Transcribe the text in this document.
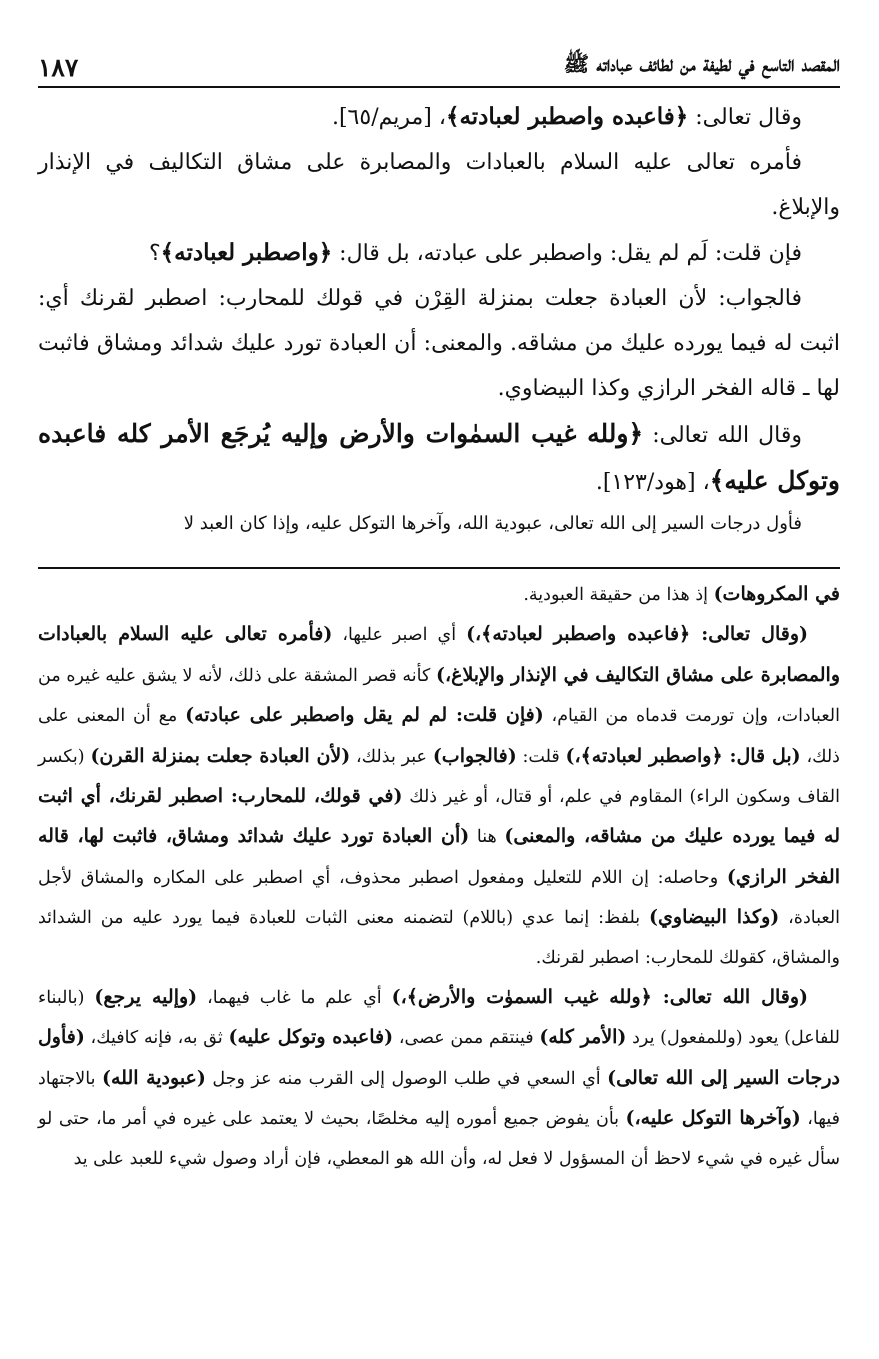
المقصد التاسع في لطيفة من لطائف عباداته ﷺ
١٨٧

وقال تعالى: ﴿فاعبده واصطبر لعبادته﴾، [مريم/٦٥].

فأمره تعالى عليه السلام بالعبادات والمصابرة على مشاق التكاليف في الإنذار والإبلاغ.

فإن قلت: لَم لم يقل: واصطبر على عبادته، بل قال: ﴿واصطبر لعبادته﴾؟

فالجواب: لأن العبادة جعلت بمنزلة القِرْن في قولك للمحارب: اصطبر لقرنك أي: اثبت له فيما يورده عليك من مشاقه. والمعنى: أن العبادة تورد عليك شدائد ومشاق فاثبت لها ـ قاله الفخر الرازي وكذا البيضاوي.

وقال الله تعالى: ﴿ولله غيب السمٰوات والأرض وإليه يُرجَع الأمر كله فاعبده وتوكل عليه﴾، [هود/١٢٣].

فأول درجات السير إلى الله تعالى، عبودية الله، وآخرها التوكل عليه، وإذا كان العبد لا

في المكروهات) إذ هذا من حقيقة العبودية.

(وقال تعالى: ﴿فاعبده واصطبر لعبادته﴾،) أي اصبر عليها، (فأمره تعالى عليه السلام بالعبادات والمصابرة على مشاق التكاليف في الإنذار والإبلاغ،) كأنه قصر المشقة على ذلك، لأنه لا يشق عليه غيره من العبادات، وإن تورمت قدماه من القيام، (فإن قلت: لم لم يقل واصطبر على عبادته) مع أن المعنى على ذلك، (بل قال: ﴿واصطبر لعبادته﴾،) قلت: (فالجواب) عبر بذلك، (لأن العبادة جعلت بمنزلة القرن) (بكسر القاف وسكون الراء) المقاوم في علم، أو قتال، أو غير ذلك (في قولك، للمحارب: اصطبر لقرنك، أي اثبت له فيما يورده عليك من مشاقه، والمعنى) هنا (أن العبادة تورد عليك شدائد ومشاق، فاثبت لها، قاله الفخر الرازي) وحاصله: إن اللام للتعليل ومفعول اصطبر محذوف، أي اصطبر على المكاره والمشاق لأجل العبادة، (وكذا البيضاوي) بلفظ: إنما عدي (باللام) لتضمنه معنى الثبات للعبادة فيما يورد عليه من الشدائد والمشاق، كقولك للمحارب: اصطبر لقرنك.

(وقال الله تعالى: ﴿ولله غيب السموٰت والأرض﴾،) أي علم ما غاب فيهما، (وإليه يرجع) (بالبناء للفاعل) يعود (وللمفعول) يرد (الأمر كله) فينتقم ممن عصى، (فاعبده وتوكل عليه) ثق به، فإنه كافيك، (فأول درجات السير إلى الله تعالى) أي السعي في طلب الوصول إلى القرب منه عز وجل (عبودية الله) بالاجتهاد فيها، (وآخرها التوكل عليه،) بأن يفوض جميع أموره إليه مخلصًا، بحيث لا يعتمد على غيره في أمر ما، حتى لو سأل غيره في شيء لاحظ أن المسؤول لا فعل له، وأن الله هو المعطي، فإن أراد وصول شيء للعبد على يد
